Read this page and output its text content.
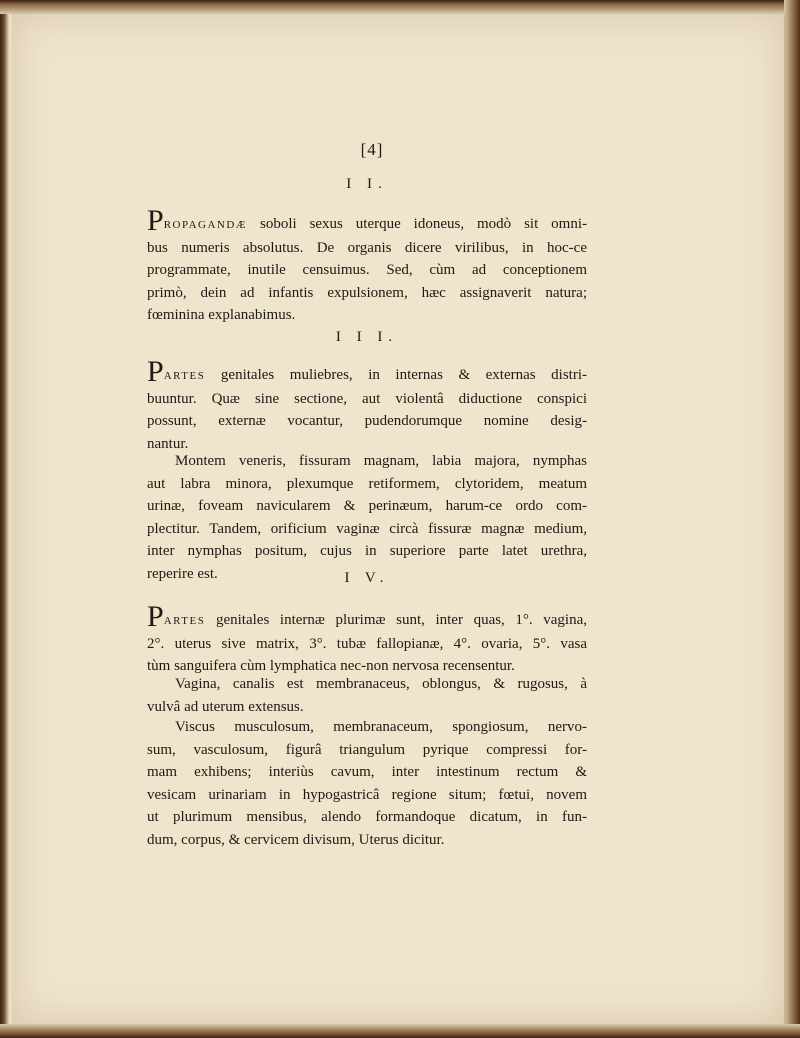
[4]
I I.
PROPAGANDÆ soboli sexus uterque idoneus, modò sit omni-
bus numeris absolutus. De organis dicere virilibus, in hoc-ce
programmate, inutile censuimus. Sed, cùm ad conceptionem
primò, dein ad infantis expulsionem, hæc assignaverit natura;
fœminina explanabimus.
I I I.
PARTES genitales muliebres, in internas & externas distri-
buuntur. Quæ sine sectione, aut violentâ diductione conspici
possunt, externæ vocantur, pudendorumque nomine desig-
nantur.
Montem veneris, fissuram magnam, labia majora, nymphas
aut labra minora, plexumque retiformem, clytoridem, meatum
urinæ, foveam navicularem & perinæum, harum-ce ordo com-
plectitur. Tandem, orificium vaginæ circà fissuræ magnæ medium,
inter nymphas positum, cujus in superiore parte latet urethra,
reperire est.	I V.
PARTES genitales internæ plurimæ sunt, inter quas, 1°. vagina,
2°. uterus sive matrix, 3°. tubæ fallopianæ, 4°. ovaria, 5°. vasa
tùm sanguifera cùm lymphatica nec-non nervosa recensentur.
Vagina, canalis est membranaceus, oblongus, & rugosus, à
vulvâ ad uterum extensus.
Viscus musculosum, membranaceum, spongiosum, nervo-
sum, vasculosum, figurâ triangulum pyrique compressi for-
mam exhibens; interiùs cavum, inter intestinum rectum &
vesicam urinariam in hypogastricâ regione situm; fœtui, novem
ut plurimum mensibus, alendo formandoque dicatum, in fun-
dum, corpus, & cervicem divisum, Uterus dicitur.
